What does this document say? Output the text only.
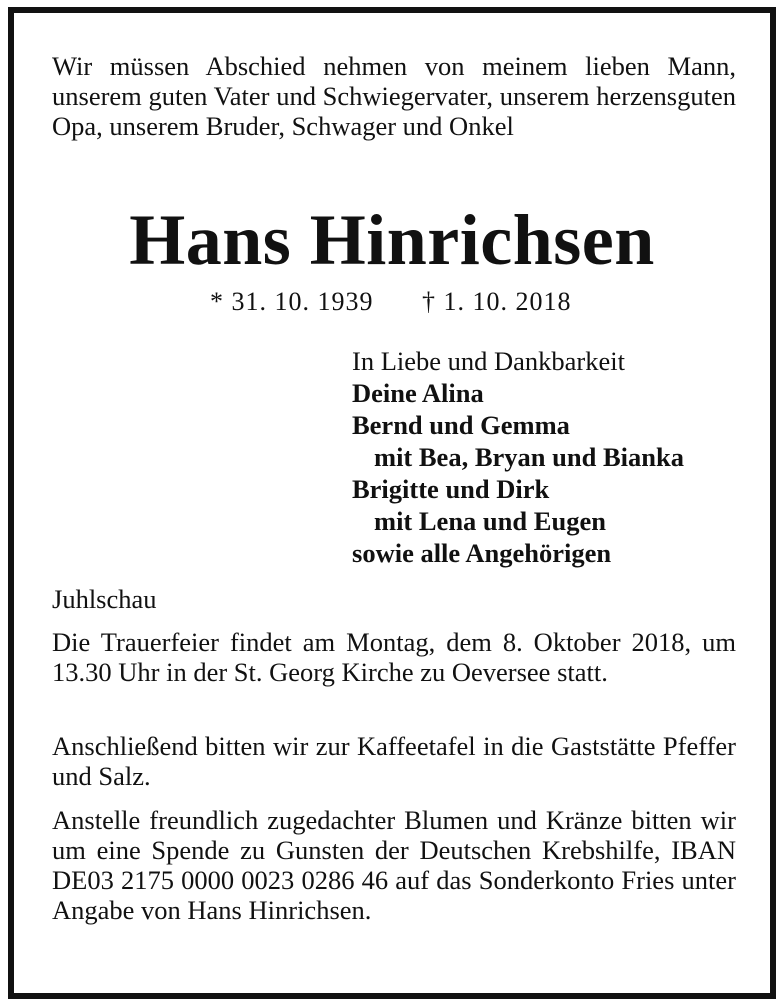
Wir müssen Abschied nehmen von meinem lieben Mann, unserem guten Vater und Schwiegervater, unserem herzensguten Opa, unserem Bruder, Schwager und Onkel

Hans Hinrichsen
* 31. 10. 1939 † 1. 10. 2018
In Liebe und Dankbarkeit
Deine Alina
Bernd und Gemma
mit Bea, Bryan und Bianka
Brigitte und Dirk
mit Lena und Eugen
sowie alle Angehörigen

Juhlschau

Die Trauerfeier findet am Montag, dem 8. Oktober 2018, um 13.30 Uhr in der St. Georg Kirche zu Oeversee statt.

Anschließend bitten wir zur Kaffeetafel in die Gaststätte Pfeffer und Salz.

Anstelle freundlich zugedachter Blumen und Kränze bitten wir um eine Spende zu Gunsten der Deutschen Krebshilfe, IBAN DE03 2175 0000 0023 0286 46 auf das Sonderkonto Fries unter Angabe von Hans Hinrichsen.
